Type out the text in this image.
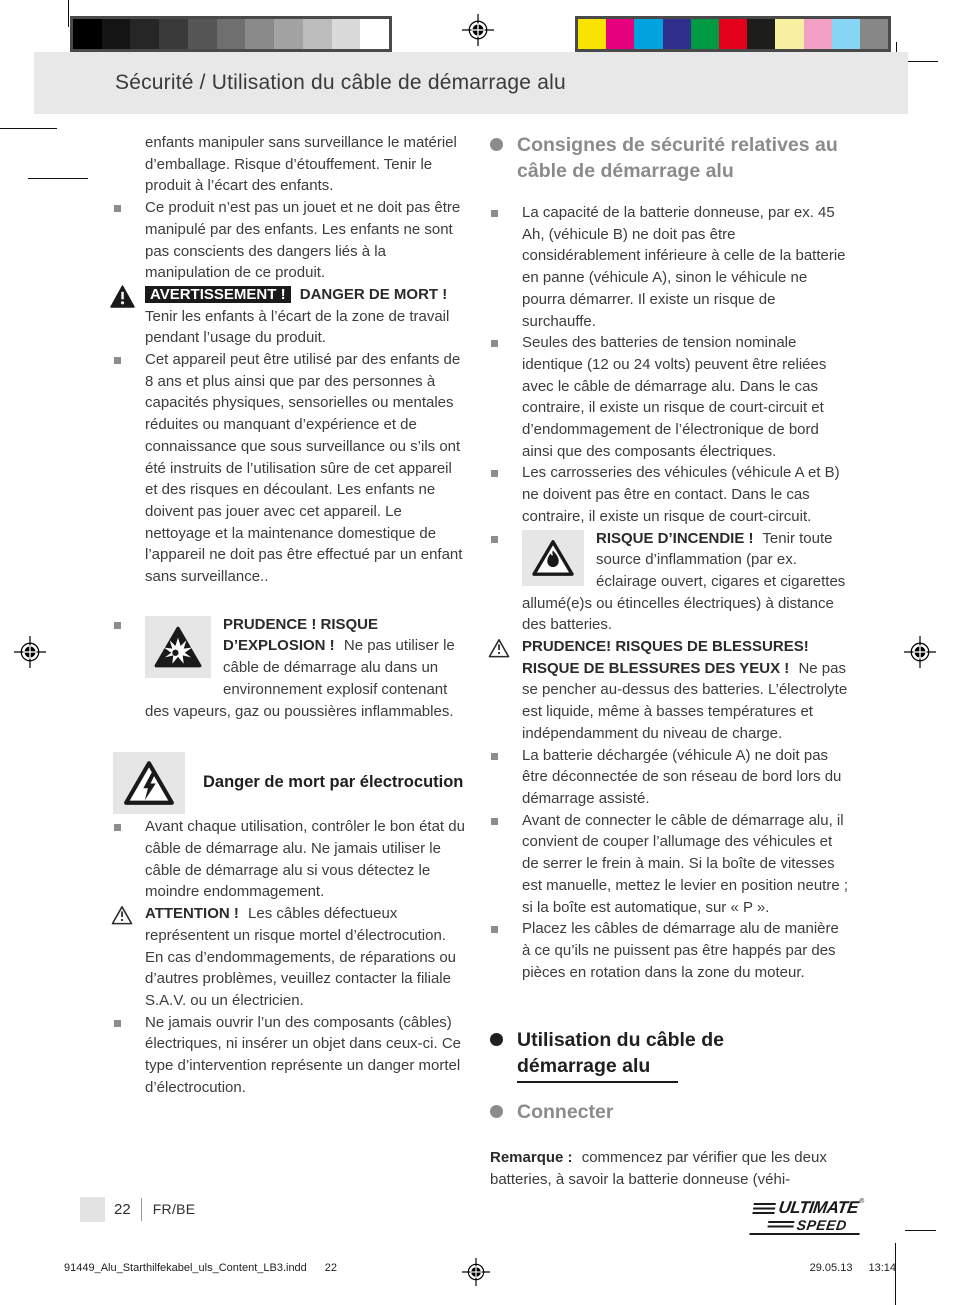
Sécurité / Utilisation du câble de démarrage alu
enfants manipuler sans surveillance le matériel d’emballage. Risque d’étouffement. Tenir le produit à l’écart des enfants.
Ce produit n’est pas un jouet et ne doit pas être manipulé par des enfants. Les enfants ne sont pas conscients des dangers liés à la manipulation de ce produit.
AVERTISSEMENT ! DANGER DE MORT ! Tenir les enfants à l’écart de la zone de travail pendant l’usage du produit.
Cet appareil peut être utilisé par des enfants de 8 ans et plus ainsi que par des personnes à capacités physiques, sensorielles ou mentales réduites ou manquant d’expérience et de connaissance que sous surveillance ou s’ils ont été instruits de l’utilisation sûre de cet appareil et des risques en découlant. Les enfants ne doivent pas jouer avec cet appareil. Le nettoyage et la maintenance domestique de l’appareil ne doit pas être effectué par un enfant sans surveillance..
PRUDENCE ! RISQUE D’EXPLOSION ! Ne pas utiliser le câble de démarrage alu dans un environnement explosif contenant des vapeurs, gaz ou poussières inflammables.
Danger de mort par électrocution
Avant chaque utilisation, contrôler le bon état du câble de démarrage alu. Ne jamais utiliser le câble de démarrage alu si vous détectez le moindre endommagement.
ATTENTION ! Les câbles défectueux représentent un risque mortel d’électrocution. En cas d’endommagements, de réparations ou d’autres problèmes, veuillez contacter la filiale S.A.V. ou un électricien.
Ne jamais ouvrir l’un des composants (câbles) électriques, ni insérer un objet dans ceux-ci. Ce type d’intervention représente un danger mortel d’électrocution.
Consignes de sécurité relatives au câble de démarrage alu
La capacité de la batterie donneuse, par ex. 45 Ah, (véhicule B) ne doit pas être considérablement inférieure à celle de la batterie en panne (véhicule A), sinon le véhicule ne pourra démarrer. Il existe un risque de surchauffe.
Seules des batteries de tension nominale identique (12 ou 24 volts) peuvent être reliées avec le câble de démarrage alu. Dans le cas contraire, il existe un risque de court-circuit et d’endommagement de l’électronique de bord ainsi que des composants électriques.
Les carrosseries des véhicules (véhicule A et B) ne doivent pas être en contact. Dans le cas contraire, il existe un risque de court-circuit.
RISQUE D’INCENDIE ! Tenir toute source d’inflammation (par ex. éclairage ouvert, cigares et cigarettes allumé(e)s ou étincelles électriques) à distance des batteries.
PRUDENCE! RISQUES DE BLESSURES! RISQUE DE BLESSURES DES YEUX ! Ne pas se pencher au-dessus des batteries. L’électrolyte est liquide, même à basses températures et indépendamment du niveau de charge.
La batterie déchargée (véhicule A) ne doit pas être déconnectée de son réseau de bord lors du démarrage assisté.
Avant de connecter le câble de démarrage alu, il convient de couper l’allumage des véhicules et de serrer le frein à main. Si la boîte de vitesses est manuelle, mettez le levier en position neutre ; si la boîte est automatique, sur « P ».
Placez les câbles de démarrage alu de manière à ce qu’ils ne puissent pas être happés par des pièces en rotation dans la zone du moteur.
Utilisation du câble de
démarrage alu
Connecter
Remarque : commencez par vérifier que les deux batteries, à savoir la batterie donneuse (véhi-
22 FR/BE	ULTIMATE ®
SPEED
91449_Alu_Starthilfekabel_uls_Content_LB3.indd 22	29.05.13 13:14
